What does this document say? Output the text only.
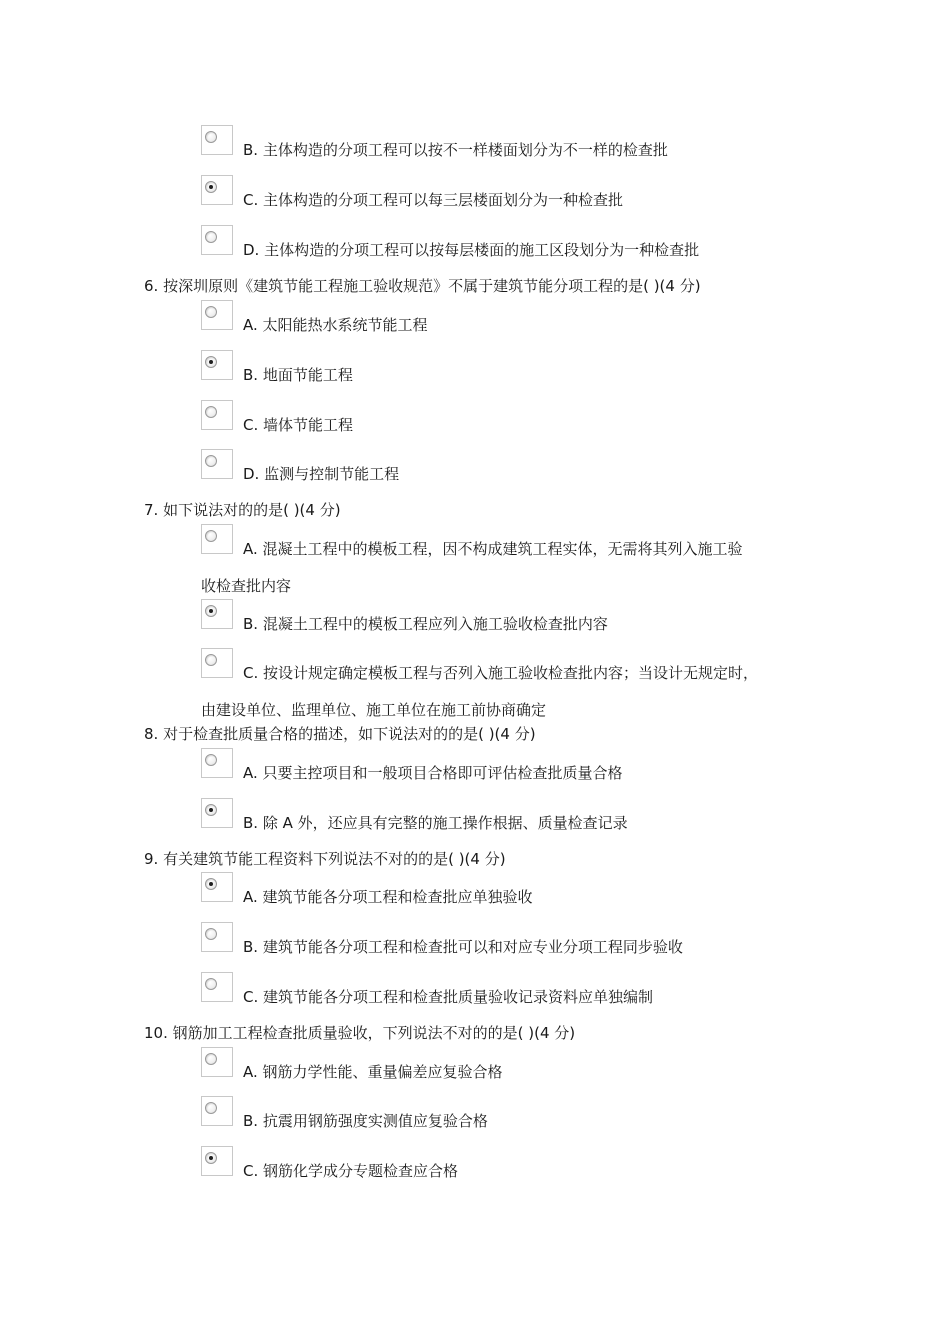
B. 主体构造的分项工程可以按不一样楼面划分为不一样的检查批
C. 主体构造的分项工程可以每三层楼面划分为一种检查批
D. 主体构造的分项工程可以按每层楼面的施工区段划分为一种检查批
6. 按深圳原则《建筑节能工程施工验收规范》不属于建筑节能分项工程的是( )(4 分)
A. 太阳能热水系统节能工程
B. 地面节能工程
C. 墙体节能工程
D. 监测与控制节能工程
7. 如下说法对的的是( )(4 分)
A. 混凝土工程中的模板工程，因不构成建筑工程实体，无需将其列入施工验
收检查批内容
B. 混凝土工程中的模板工程应列入施工验收检查批内容
C. 按设计规定确定模板工程与否列入施工验收检查批内容；当设计无规定时，
由建设单位、监理单位、施工单位在施工前协商确定
8. 对于检查批质量合格的描述，如下说法对的的是( )(4 分)
A. 只要主控项目和一般项目合格即可评估检查批质量合格
B. 除 A 外，还应具有完整的施工操作根据、质量检查记录
9. 有关建筑节能工程资料下列说法不对的的是( )(4 分)
A. 建筑节能各分项工程和检查批应单独验收
B. 建筑节能各分项工程和检查批可以和对应专业分项工程同步验收
C. 建筑节能各分项工程和检查批质量验收记录资料应单独编制
10. 钢筋加工工程检查批质量验收，下列说法不对的的是( )(4 分)
A. 钢筋力学性能、重量偏差应复验合格
B. 抗震用钢筋强度实测值应复验合格
C. 钢筋化学成分专题检查应合格
